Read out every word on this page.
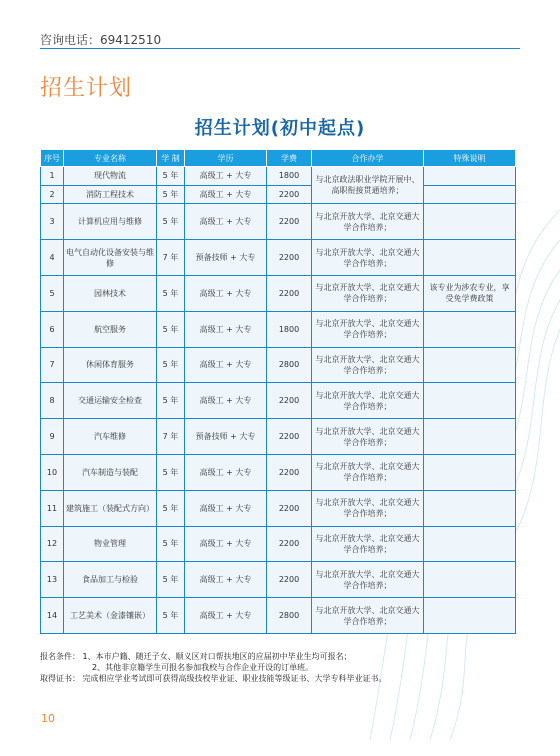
咨询电话：69412510
招生计划
招生计划(初中起点)
序号	专业名称	学 制	学历	学费	合作办学	特殊说明
1	现代物流	5 年	高级工 + 大专	1800	与北京政法职业学院开展中、高职衔接贯通培养；	
2	消防工程技术	5 年	高级工 + 大专	2200		
3	计算机应用与维修	5 年	高级工 + 大专	2200	与北京开放大学、北京交通大学合作培养；	
4	电气自动化设备安装与维修	7 年	预备技师 + 大专	2200	与北京开放大学、北京交通大学合作培养；	
5	园林技术	5 年	高级工 + 大专	2200	与北京开放大学、北京交通大学合作培养；	该专业为涉农专业，享受免学费政策
6	航空服务	5 年	高级工 + 大专	1800	与北京开放大学、北京交通大学合作培养；	
7	休闲体育服务	5 年	高级工 + 大专	2800	与北京开放大学、北京交通大学合作培养；	
8	交通运输安全检查	5 年	高级工 + 大专	2200	与北京开放大学、北京交通大学合作培养；	
9	汽车维修	7 年	预备技师 + 大专	2200	与北京开放大学、北京交通大学合作培养；	
10	汽车制造与装配	5 年	高级工 + 大专	2200	与北京开放大学、北京交通大学合作培养；	
11	建筑施工（装配式方向）	5 年	高级工 + 大专	2200	与北京开放大学、北京交通大学合作培养；	
12	物业管理	5 年	高级工 + 大专	2200	与北京开放大学、北京交通大学合作培养；	
13	食品加工与检验	5 年	高级工 + 大专	2200	与北京开放大学、北京交通大学合作培养；	
14	工艺美术（金漆镶嵌）	5 年	高级工 + 大专	2800	与北京开放大学、北京交通大学合作培养；	
报名条件： 1、本市户籍、随迁子女、顺义区对口帮扶地区的应届初中毕业生均可报名；
2、其他非京籍学生可报名参加我校与合作企业开设的订单班。
取得证书： 完成相应学业考试即可获得高级技校毕业证、职业技能等级证书、大学专科毕业证书。
10
